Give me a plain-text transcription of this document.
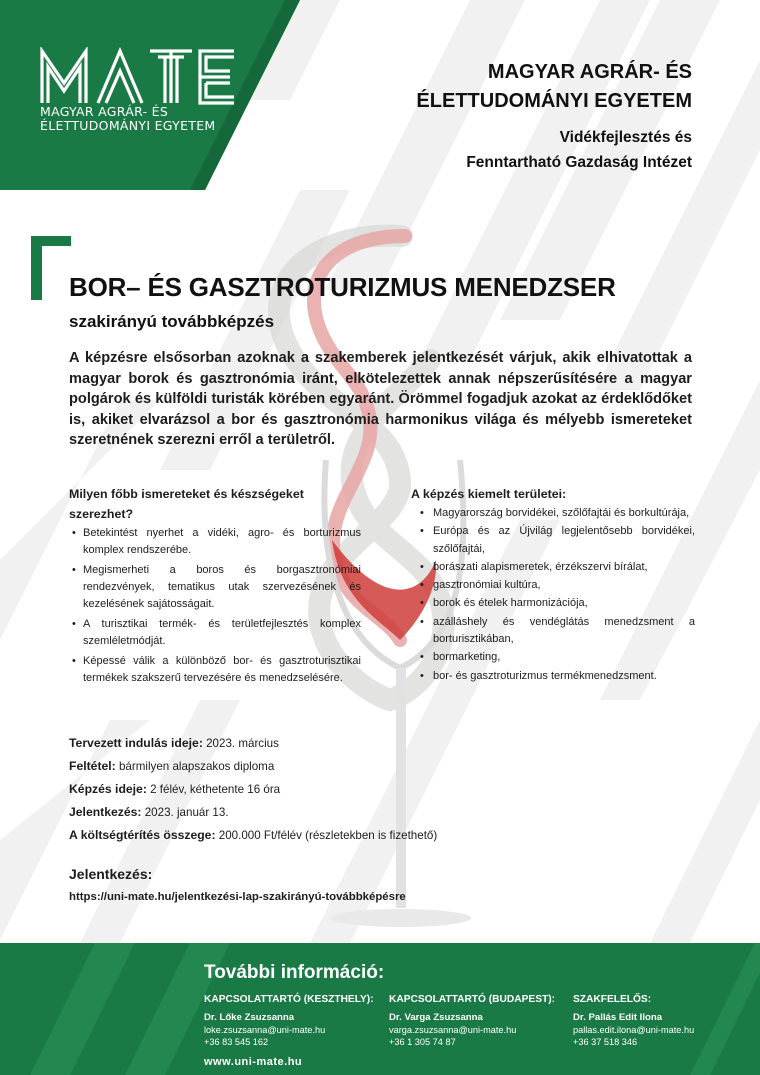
MAGYAR AGRÁR- ÉS
ÉLETTUDOMÁNYI EGYETEM
MAGYAR AGRÁR- ÉS
ÉLETTUDOMÁNYI EGYETEM
Vidékfejlesztés és
Fenntartható Gazdaság Intézet
BOR– ÉS GASZTROTURIZMUS MENEDZSER
szakirányú továbbképzés
A képzésre elsősorban azoknak a szakemberek jelentkezését várjuk, akik elhivatottak a magyar borok és gasztronómia iránt, elkötelezettek annak népszerűsítésére a magyar polgárok és külföldi turisták körében egyaránt. Örömmel fogadjuk azokat az érdeklődőket is, akiket elvarázsol a bor és gasztronómia harmonikus világa és mélyebb ismereteket szeretnének szerezni erről a területről.
Milyen főbb ismereteket és készségeket szerezhet?
• Betekintést nyerhet a vidéki, agro- és borturizmus komplex rendszerébe.
• Megismerheti a boros és borgasztronómiai rendezvények, tematikus utak szervezésének és kezelésének sajátosságait.
• A turisztikai termék- és területfejlesztés komplex szemléletmódját.
• Képessé válik a különböző bor- és gasztroturisztikai termékek szakszerű tervezésére és menedzselésére.
A képzés kiemelt területei:
• Magyarország borvidékei, szőlőfajtái és borkultúrája,
• Európa és az Újvilág legjelentősebb borvidékei, szőlőfajtái,
• borászati alapismeretek, érzékszervi bírálat,
• gasztronómiai kultúra,
• borok és ételek harmonizációja,
• azálláshely és vendéglátás menedzsment a borturisztikában,
• bormarketing,
• bor- és gasztroturizmus termékmenedzsment.
Tervezett indulás ideje: 2023. március
Feltétel: bármilyen alapszakos diploma
Képzés ideje: 2 félév, kéthetente 16 óra
Jelentkezés: 2023. január 13.
A költségtérítés összege: 200.000 Ft/félév (részletekben is fizethető)
Jelentkezés:
https://uni-mate.hu/jelentkezési-lap-szakirányú-továbbképésre
További információ:
KAPCSOLATTARTÓ (KESZTHELY):
Dr. Lőke Zsuzsanna
loke.zsuzsanna@uni-mate.hu
+36 83 545 162
KAPCSOLATTARTÓ (BUDAPEST):
Dr. Varga Zsuzsanna
varga.zsuzsanna@uni-mate.hu
+36 1 305 74 87
SZAKFELELŐS:
Dr. Pallás Edit Ilona
pallas.edit.ilona@uni-mate.hu
+36 37 518 346
www.uni-mate.hu
